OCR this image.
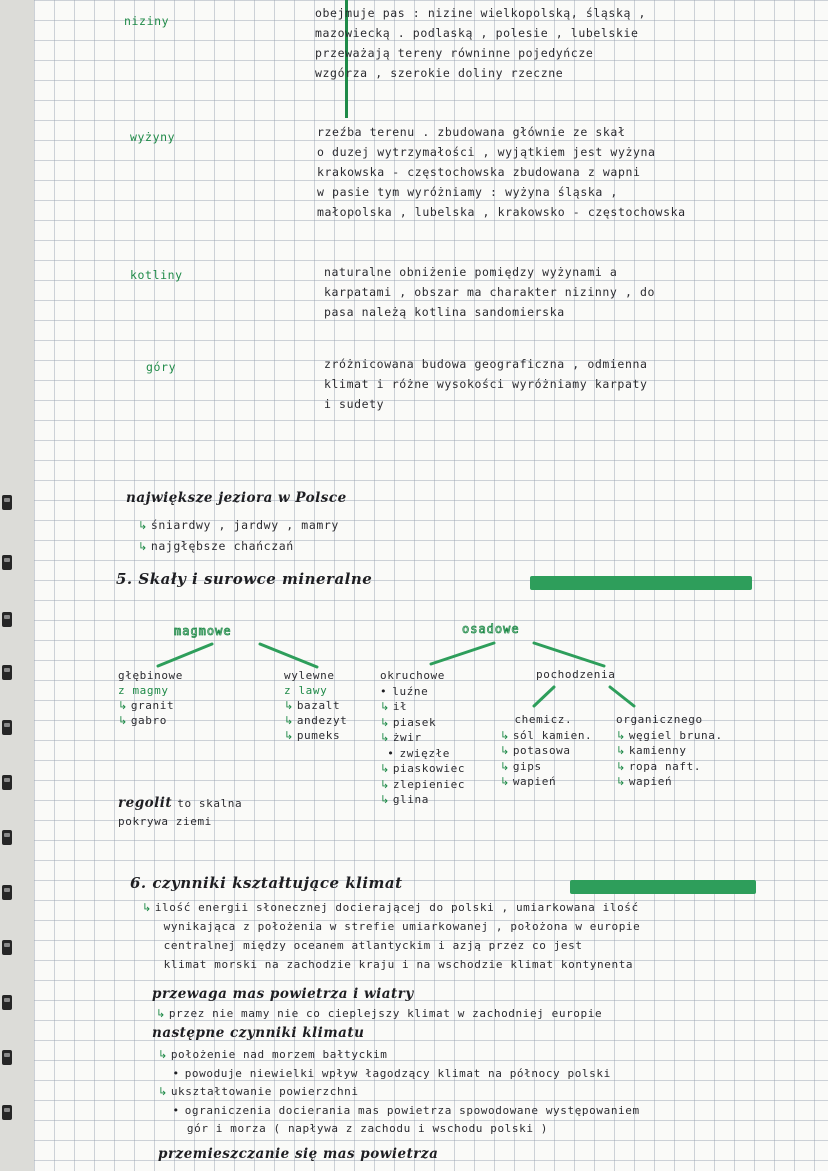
niziny
obejmuje pas : nizine wielkopolską, śląską ,
mazowiecką . podlaską , polesie , lubelskie
przeważają tereny równinne pojedyńcze
wzgórza , szerokie doliny rzeczne
wyżyny	rzeźba terenu . zbudowana głównie ze skał
o duzej wytrzymałości , wyjątkiem jest wyżyna
krakowska - częstochowska zbudowana z wapni
w pasie tym wyróżniamy : wyżyna śląska ,
małopolska , lubelska , krakowsko - częstochowska
kotliny	naturalne obniżenie pomiędzy wyżynami a
karpatami , obszar ma charakter nizinny , do
pasa należą kotlina sandomierska
góry	zróżnicowana budowa geograficzna , odmienna
klimat i różne wysokości wyróżniamy karpaty
i sudety
największe jeziora w Polsce
↳ śniardwy , jardwy , mamry
↳ najgłębsze chańczań
5. Skały i surowce mineralne
magmowe	osadowe
głębinowe
z magmy
↳ granit
↳ gabro
wylewne
z lawy
↳ bazalt
↳ andezyt
↳ pumeks
okruchowe
• luźne
↳ ił
↳ piasek
↳ żwir
• zwięzłe
↳ piaskowiec
↳ zlepieniec
↳ glina
pochodzenia
chemicz.
↳ sól kamien.
↳ potasowa
↳ gips
↳ wapień
organicznego
↳ węgiel bruna.
↳ kamienny
↳ ropa naft.
↳ wapień
regolit to skalna
pokrywa ziemi
6. czynniki kształtujące klimat
↳ ilość energii słonecznej docierającej do polski , umiarkowana ilość
wynikająca z położenia w strefie umiarkowanej , położona w europie
centralnej między oceanem atlantyckim i azją przez co jest
klimat morski na zachodzie kraju i na wschodzie klimat kontynenta
przewaga mas powietrza i wiatry
↳ przez nie mamy nie co cieplejszy klimat w zachodniej europie
następne czynniki klimatu
↳ położenie nad morzem bałtyckim
• powoduje niewielki wpływ łagodzący klimat na północy polski
↳ ukształtowanie powierzchni
• ograniczenia docierania mas powietrza spowodowane występowaniem
gór i morza ( napływa z zachodu i wschodu polski )
przemieszczanie się mas powietrza
